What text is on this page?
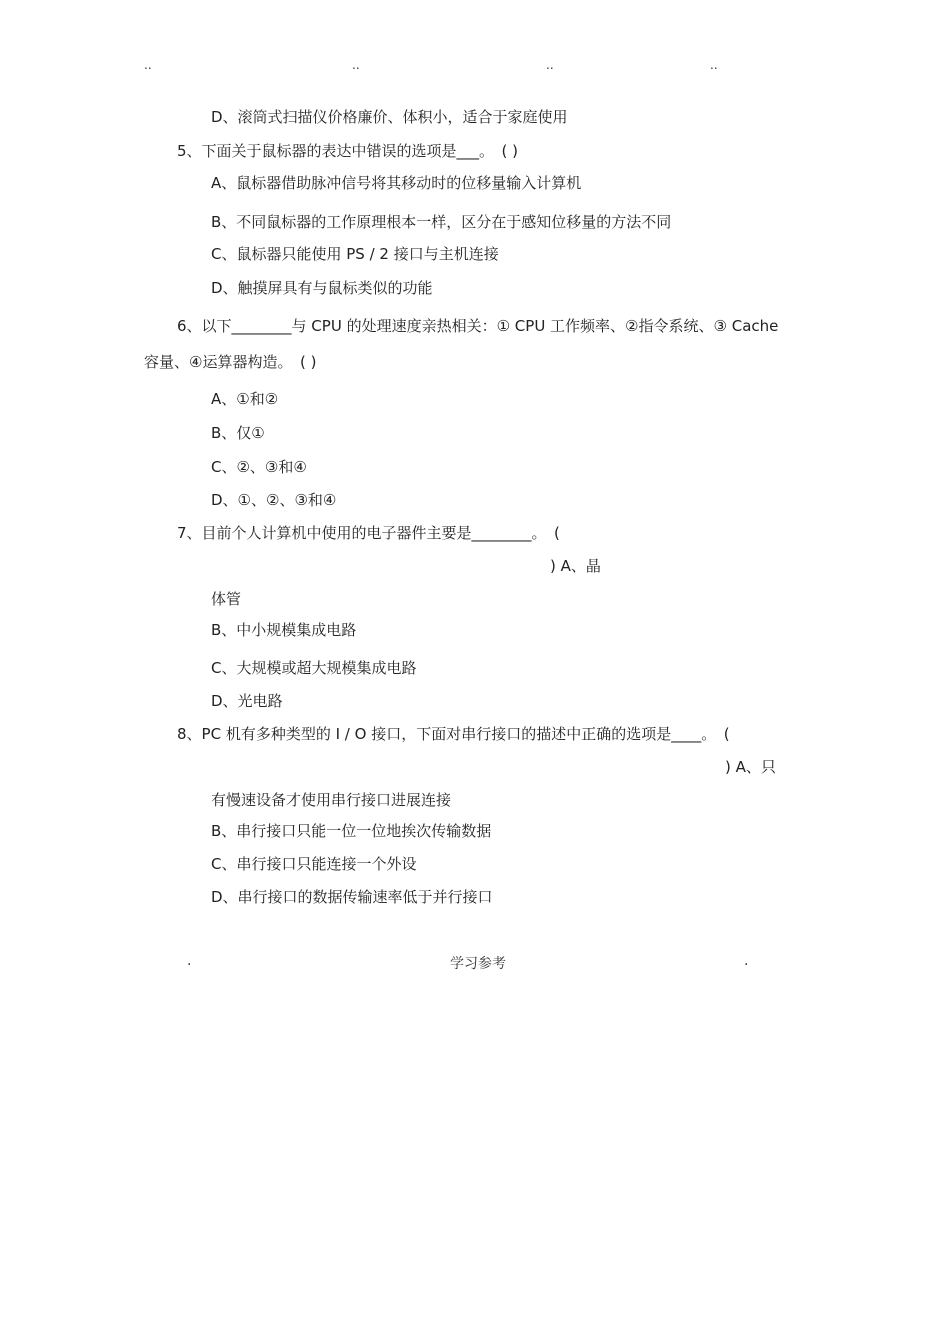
..	..	..	..
D、滚筒式扫描仪价格廉价、体积小，适合于家庭使用
5、下面关于鼠标器的表达中错误的选项是___。　( )
A、鼠标器借助脉冲信号将其移动时的位移量输入计算机
B、不同鼠标器的工作原理根本一样，区分在于感知位移量的方法不同
C、鼠标器只能使用 PS / 2 接口与主机连接
D、触摸屏具有与鼠标类似的功能
6、以下________与 CPU 的处理速度亲热相关：① CPU 工作频率、②指令系统、③ Cache
容量、④运算器构造。　( )
A、①和②
B、仅①
C、②、③和④
D、①、②、③和④
7、目前个人计算机中使用的电子器件主要是________。　(
) A、晶
体管
B、中小规模集成电路
C、大规模或超大规模集成电路
D、光电路
8、PC 机有多种类型的 I / O 接口，下面对串行接口的描述中正确的选项是____。　(
) A、只
有慢速设备才使用串行接口进展连接
B、串行接口只能一位一位地挨次传输数据
C、串行接口只能连接一个外设
D、串行接口的数据传输速率低于并行接口
.	学习参考	.
